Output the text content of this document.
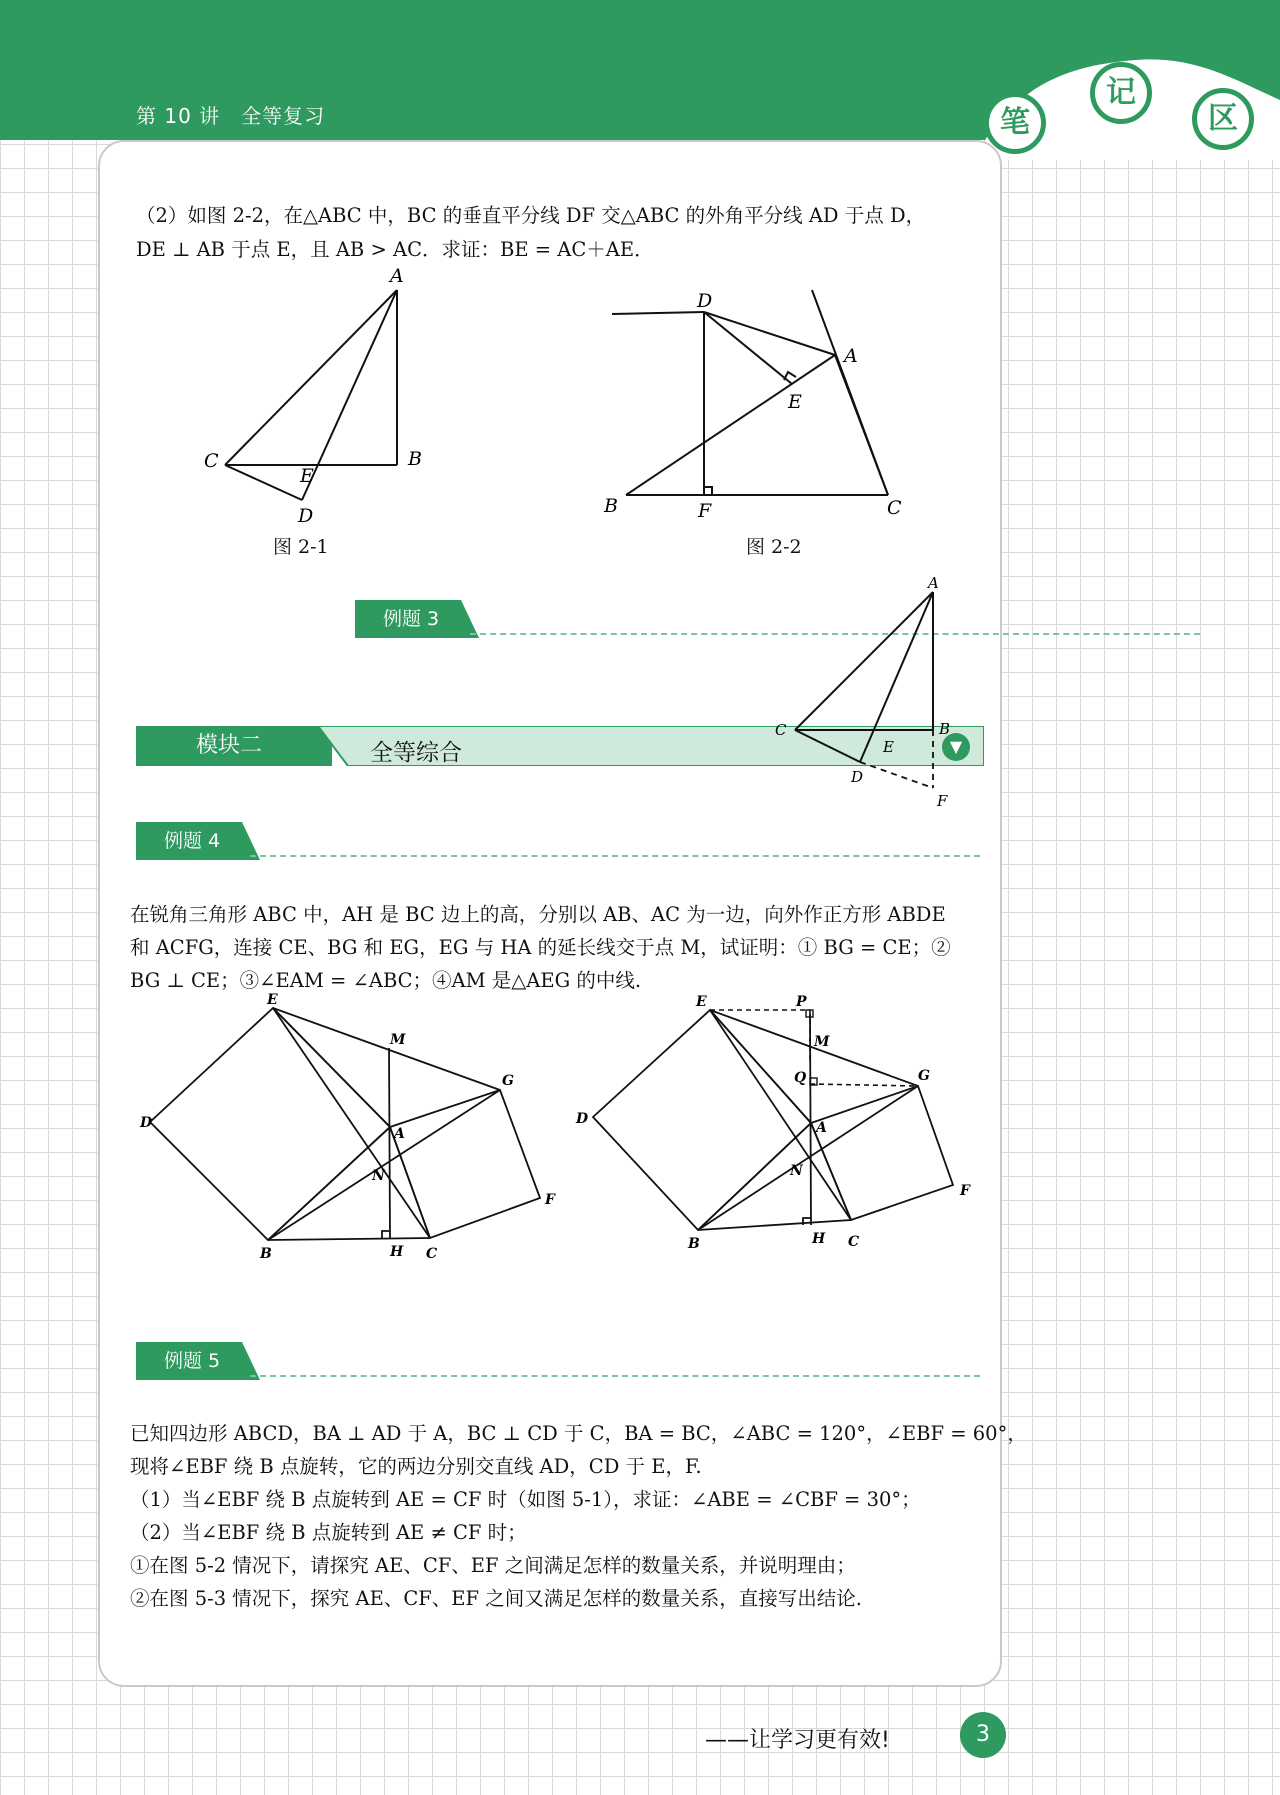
第 10 讲　全等复习	笔
记
区
（2）如图 2-2，在△ABC 中，BC 的垂直平分线 DF 交△ABC 的外角平分线 AD 于点 D，
DE ⊥ AB 于点 E，且 AB > AC．求证：BE = AC＋AE．
A
B
C
E
D
图 2-1
D
A
E
B	F	C
图 2-2
例题 3
模块二	全等综合	▼
A
B
C
E
D
F
例题 4
在锐角三角形 ABC 中，AH 是 BC 边上的高，分别以 AB、AC 为一边，向外作正方形 ABDE
和 ACFG，连接 CE、BG 和 EG，EG 与 HA 的延长线交于点 M，试证明：① BG = CE；②
BG ⊥ CE；③∠EAM = ∠ABC；④AM 是△AEG 的中线.
E
M
G
D
A
N
F
B	H C
E	P
M
Q	G
D
A
N
F
B	H C
例题 5
已知四边形 ABCD，BA ⊥ AD 于 A，BC ⊥ CD 于 C，BA = BC，∠ABC = 120°，∠EBF = 60°，
现将∠EBF 绕 B 点旋转，它的两边分别交直线 AD，CD 于 E，F.
（1）当∠EBF 绕 B 点旋转到 AE = CF 时（如图 5-1），求证：∠ABE = ∠CBF = 30°；
（2）当∠EBF 绕 B 点旋转到 AE ≠ CF 时；
①在图 5-2 情况下，请探究 AE、CF、EF 之间满足怎样的数量关系，并说明理由；
②在图 5-3 情况下，探究 AE、CF、EF 之间又满足怎样的数量关系，直接写出结论.
——让学习更有效!	3
